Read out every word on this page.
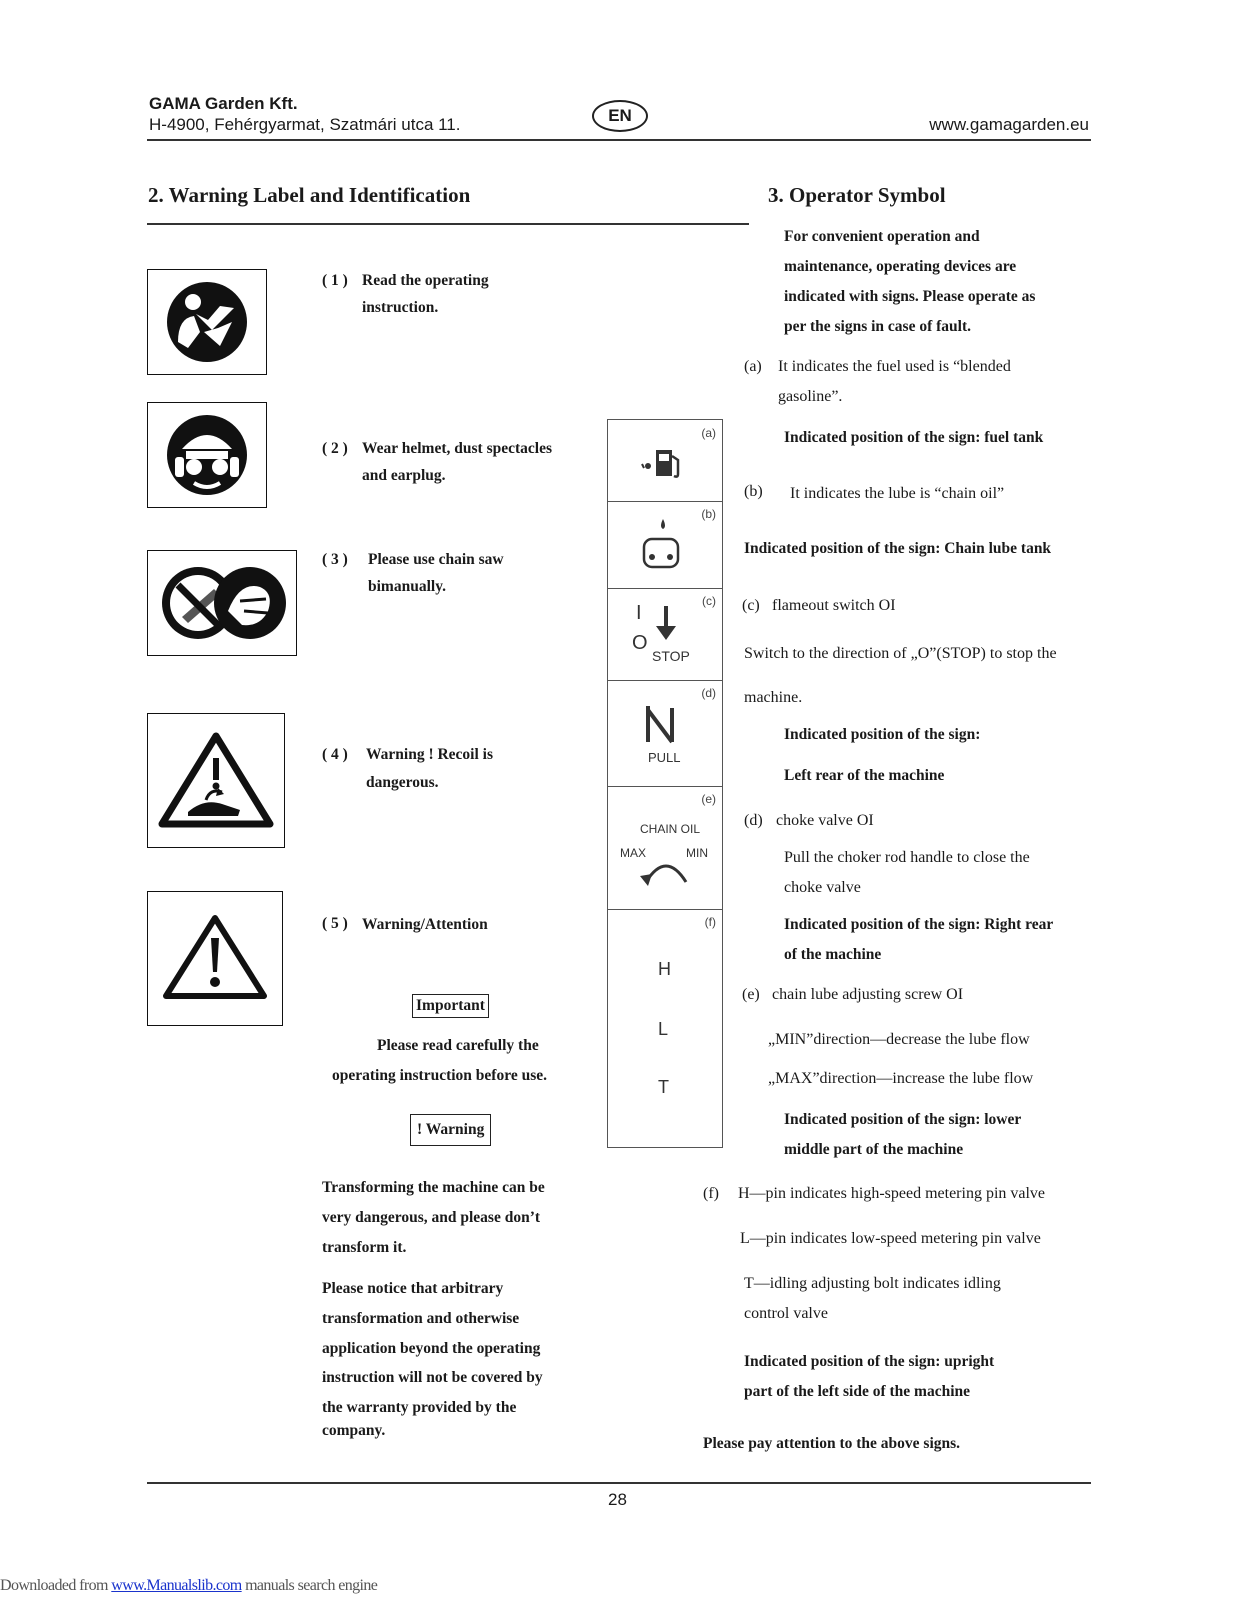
GAMA Garden Kft.
H-4900, Fehérgyarmat, Szatmári utca 11.	EN	www.gamagarden.eu
2. Warning Label and Identification
( 1 ) Read the operating
instruction.
( 2 ) Wear helmet, dust spectacles
and earplug.
( 3 ) Please use chain saw
bimanually.
( 4 ) Warning ! Recoil is
dangerous.
( 5 ) Warning/Attention
Important
Please read carefully the
operating instruction before use.
! Warning
Transforming the machine can be
very dangerous, and please don’t
transform it.
Please notice that arbitrary
transformation and otherwise
application beyond the operating
instruction will not be covered by
the warranty provided by the
company.
(a)
(b)
(c)
I
O
STOP
(d)
PULL
(e)
CHAIN OIL
MAX	MIN
(f)
H
L
T
3. Operator Symbol
For convenient operation and
maintenance, operating devices are
indicated with signs. Please operate as
per the signs in case of fault.
(a) It indicates the fuel used is “blended
gasoline”.
Indicated position of the sign: fuel tank
(b) It indicates the lube is “chain oil”
Indicated position of the sign: Chain lube tank
(c) flameout switch OI
Switch to the direction of „O”(STOP) to stop the
machine.
Indicated position of the sign:
Left rear of the machine
(d) choke valve OI
Pull the choker rod handle to close the
choke valve
Indicated position of the sign: Right rear
of the machine
(e) chain lube adjusting screw OI
„MIN”direction—decrease the lube flow
„MAX”direction—increase the lube flow
Indicated position of the sign: lower
middle part of the machine
(f) H—pin indicates high-speed metering pin valve
L—pin indicates low-speed metering pin valve
T—idling adjusting bolt indicates idling
control valve
Indicated position of the sign: upright
part of the left side of the machine
Please pay attention to the above signs.
28
Downloaded from www.Manualslib.com manuals search engine
